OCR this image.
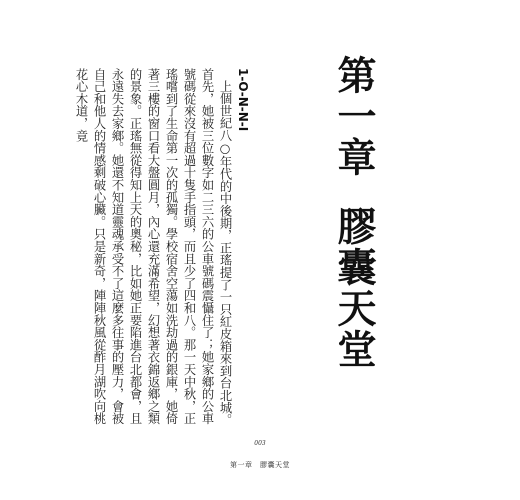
第一章膠囊天堂
1-O-N-N-I

上個世紀八○年代的中後期，正瑤提了一只紅皮箱來到台北城。首先，她被三位數字如二三六的公車號碼震懾住了；她家鄉的公車號碼從來沒有超過十隻手指頭，而且少了四和八。那一天中秋，正瑤嚐到了生命第一次的孤獨。學校宿舍空蕩如洗劫過的銀庫，她倚著三樓的窗口看大盤圓月，內心還充滿希望，幻想著衣錦返鄉之類的景象。正瑤無從得知上天的奧秘，比如她正要陷進台北都會，且永遠失去家鄉。她還不知道靈魂承受不了這麼多往事的壓力，會被自己和他人的情感剩破心臟。只是新奇，陣陣秋風從酢月湖吹向桃花心木道，竟

003
第一章　膠囊天堂
